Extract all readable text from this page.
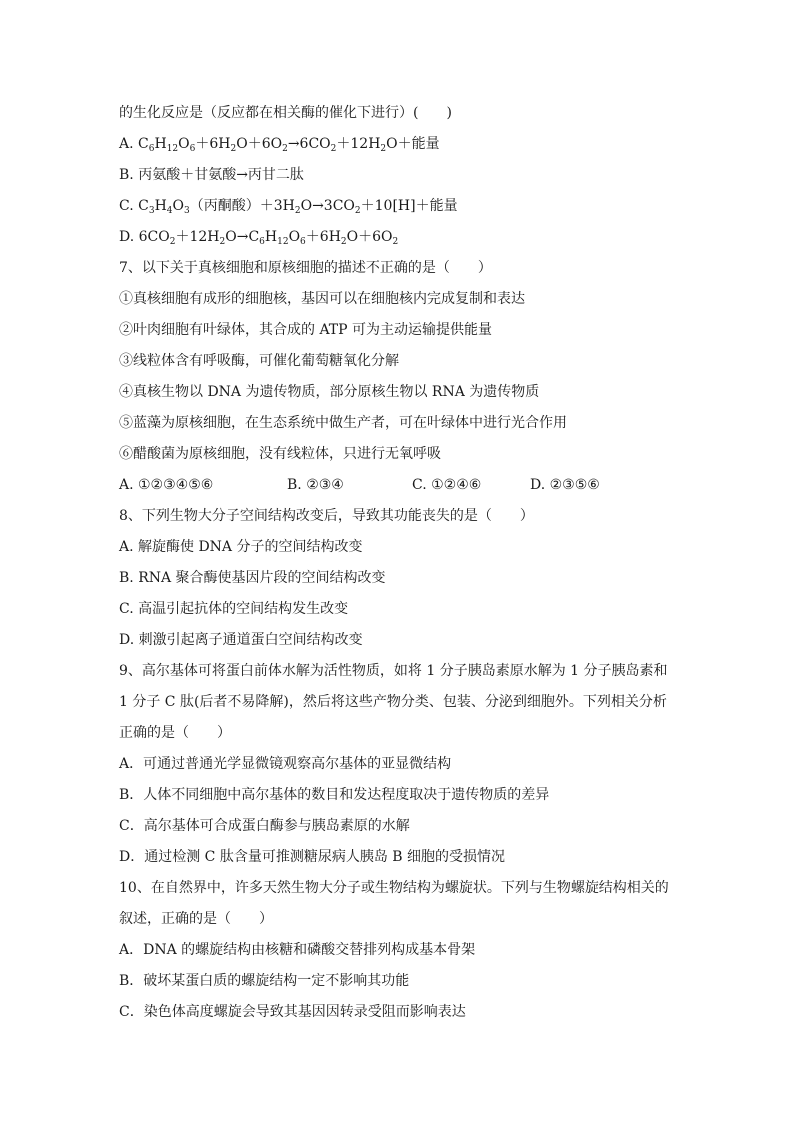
的生化反应是（反应都在相关酶的催化下进行）(　　)

A. $C_6H_{12}O_6+6H_2O+6O_2\to 6CO_2+12H_2O+$能量

B. 丙氨酸＋甘氨酸→丙甘二肽

C. $C_3H_4O_3$（丙酮酸）$+3H_2O\to 3CO_2+10[H]+$能量

D. $6CO_2+12H_2O\to C_6H_{12}O_6+6H_2O+6O_2$

7、以下关于真核细胞和原核细胞的描述不正确的是（　　）

①真核细胞有成形的细胞核，基因可以在细胞核内完成复制和表达

②叶肉细胞有叶绿体，其合成的 ATP 可为主动运输提供能量

③线粒体含有呼吸酶，可催化葡萄糖氧化分解

④真核生物以 DNA 为遗传物质，部分原核生物以 RNA 为遗传物质

⑤蓝藻为原核细胞，在生态系统中做生产者，可在叶绿体中进行光合作用

⑥醋酸菌为原核细胞，没有线粒体，只进行无氧呼吸

A. ①②③④⑤⑥	B. ②③④	C. ①②④⑥	D. ②③⑤⑥

8、下列生物大分子空间结构改变后，导致其功能丧失的是（　　）

A. 解旋酶使 DNA 分子的空间结构改变

B. RNA 聚合酶使基因片段的空间结构改变

C. 高温引起抗体的空间结构发生改变

D. 刺激引起离子通道蛋白空间结构改变

9、高尔基体可将蛋白前体水解为活性物质，如将 1 分子胰岛素原水解为 1 分子胰岛素和 1 分子 C 肽(后者不易降解)，然后将这些产物分类、包装、分泌到细胞外。下列相关分析正确的是（　　）

A．可通过普通光学显微镜观察高尔基体的亚显微结构

B．人体不同细胞中高尔基体的数目和发达程度取决于遗传物质的差异

C．高尔基体可合成蛋白酶参与胰岛素原的水解

D．通过检测 C 肽含量可推测糖尿病人胰岛 B 细胞的受损情况

10、在自然界中，许多天然生物大分子或生物结构为螺旋状。下列与生物螺旋结构相关的叙述，正确的是（　　）

A．DNA 的螺旋结构由核糖和磷酸交替排列构成基本骨架

B．破坏某蛋白质的螺旋结构一定不影响其功能

C．染色体高度螺旋会导致其基因因转录受阻而影响表达
